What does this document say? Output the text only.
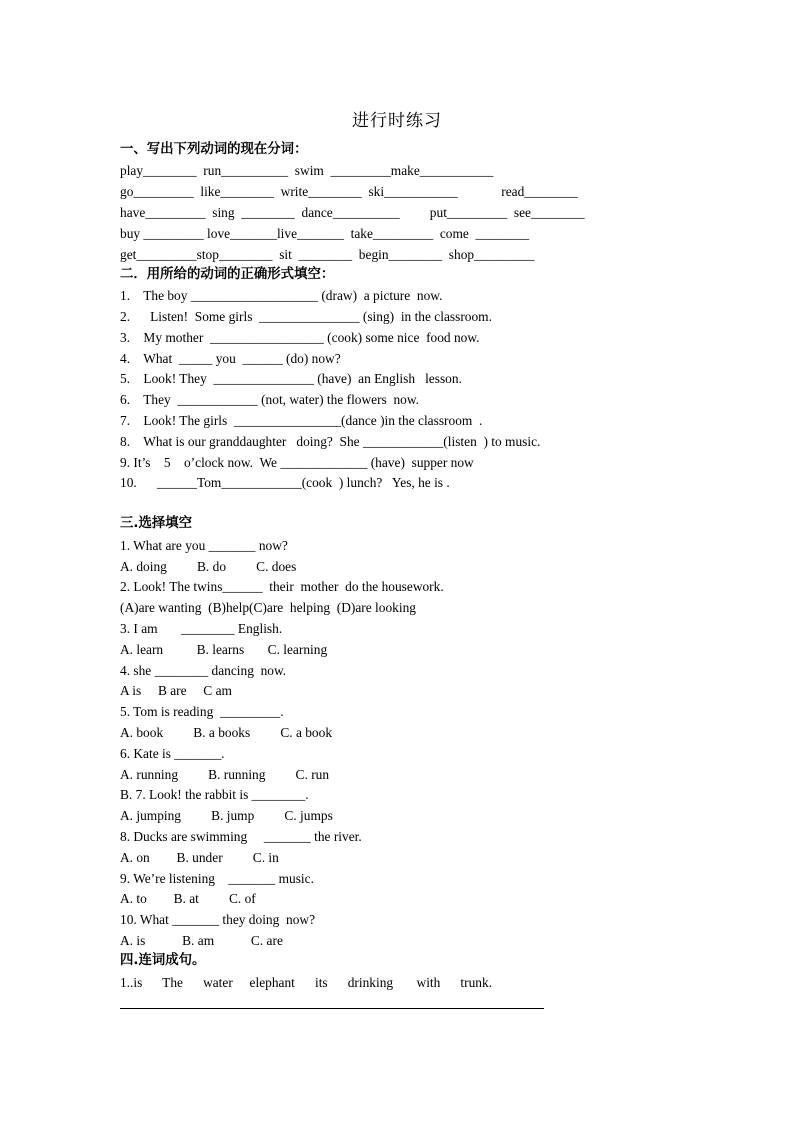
进行时练习
一、写出下列动词的现在分词：
play________  run__________  swim  _________make___________
go_________  like________  write________  ski___________             read________
have_________  sing  ________  dance__________         put_________  see________
buy _________ love_______live_______  take_________  come  ________
get_________stop________  sit  ________  begin________  shop_________
二．用所给的动词的正确形式填空：
1.    The boy ___________________ (draw)  a picture  now.
2.      Listen!  Some girls  _______________ (sing)  in the classroom.
3.    My mother  _________________ (cook) some nice  food now.
4.    What  _____ you  ______ (do) now?
5.    Look! They  _______________ (have)  an English   lesson.
6.    They  ____________ (not, water) the flowers  now.
7.    Look! The girls  ________________(dance )in the classroom  .
8.    What is our granddaughter   doing?  She ____________(listen  ) to music.
9. It’s    5    o’clock now.  We _____________ (have)  supper now
10.      ______Tom____________(cook  ) lunch?   Yes, he is .
三.选择填空
1. What are you _______ now?
A. doing         B. do         C. does
2. Look! The twins______  their  mother  do the housework.
(A)are wanting  (B)help(C)are  helping  (D)are looking
3. I am       ________ English.
A. learn          B. learns       C. learning
4. she ________ dancing  now.
A is     B are     C am
5. Tom is reading  _________.
A. book         B. a books         C. a book
6. Kate is _______.
A. running         B. running         C. run
B. 7. Look! the rabbit is ________.
A. jumping         B. jump         C. jumps
8. Ducks are swimming     _______ the river.
A. on        B. under         C. in
9. We’re listening    _______ music.
A. to        B. at         C. of
10. What _______ they doing  now?
A. is           B. am           C. are
四.连词成句。
1..is      The      water     elephant      its      drinking       with      trunk.
